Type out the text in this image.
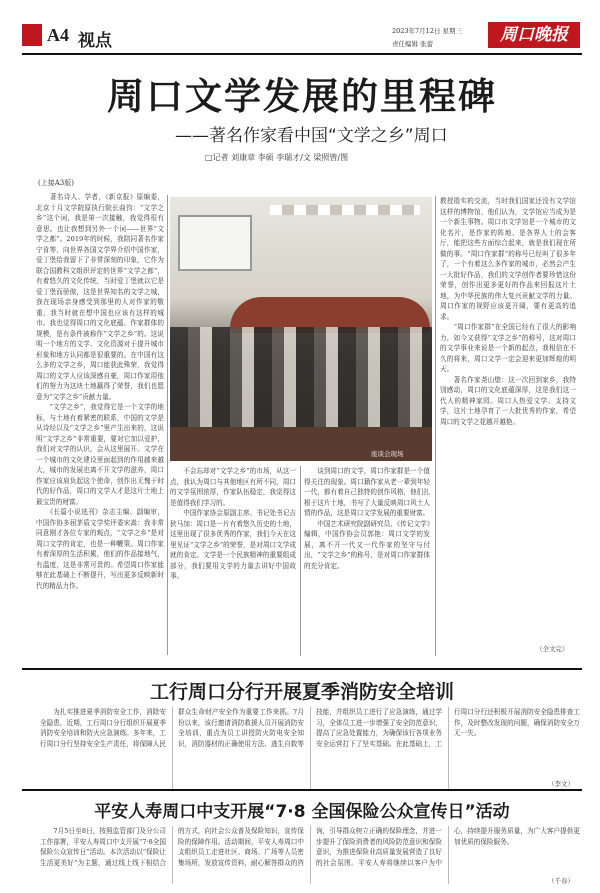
A4 视点	2023年7月12日 星期三
责任编辑 张蕾	周口晚报
周口文学发展的里程碑
——著名作家看中国“文学之乡”周口
□记者 刘康章 李硕 李瑞才/文 梁照曾/图
(上接A3版)
　　著名诗人、学者，《新京报》原编委，北京十月文学院原执行院长曲钧：“文学之乡”这个词，我是第一次接触，我觉得很有意思。也让我想到另外一个词——世界“文学之都”。2019年的时候，我陪同著名作家宁肯等，向世界各国文学界介绍中国作家，爱丁堡给我留下了非常深刻的印象，它作为联合国教科文组织评定的世界“文学之都”，有着悠久的文化传统，当时爱丁堡就以它是爱丁堡而骄傲，这是世界知名的文学之城，我在现场亲身感受到那里的人对作家的敬重，我当时就在想中国也应该有这样的城市。我也觉得周口的文化底蕴、作家群体的规模，是有条件被称作“文学之乡”的。这说明一个地方的文学、文化资源对于提升城市形象和地方认同都是很重要的。在中国有这么多的文学之乡，周口能获此殊荣，我觉得周口的文学人应该深感自豪，周口作家用他们的努力为这块土地赢得了荣誉，我们也愿意为“文学之乡”贡献力量。
　　“文学之乡”，我觉得它是一个文学的地标，与土地有着紧密的联系，中国的文学是从诗经以及“文学之乡”里产生出来的，这说明“文学之乡”非常重要，要对它加以爱护，我们对文学的认识，会从这里展开。文学在一个城市的文化建设里面起到的作用越来越大，城市的发展也离不开文学的滋养，周口作家应该肩负起这个使命，创作出无愧于时代的好作品，周口的文学人才是这片土地上最宝贵的财富。
　　《长篇小说选刊》杂志主编、副编审，中国作协多届茅盾文学奖评委宋嵩：我非常同意刚才各位专家的观点，“文学之乡”是对周口文学的肯定，也是一种鞭策。周口作家有着深厚的生活积累，他们的作品接地气，有温度，这是非常可贵的。希望周口作家能够在此基础上不断提升，写出更多反映新时代的精品力作。
座谈会现场
教授殷实的交流，当时我们国家还没有文学馆这样的博物馆，他们认为，文学馆应当成为是一个新生事物。周口市文学馆是一个城市的文化名片，是作家的阵地、是各界人士的会客厅，能把这些方面综合起来，就是我们现在所做的事。“周口作家群”的称号已经叫了很多年了，一个有着这么多作家的城市，必然会产生一大批好作品，我们的文学创作者要珍惜这份荣誉，创作出更多更好的作品来回报这片土地，为中华民族的伟大复兴贡献文学的力量。周口作家的视野应该更开阔，要有更高的追求。
　　“周口作家群”在全国已经有了很大的影响力，如今又获得“文学之乡”的称号，这对周口的文学事业来说是一个新的起点，我相信在不久的将来，周口文学一定会迎来更加辉煌的明天。
　　著名作家尧山壁：这一次回到家乡，我特别感动，周口的文化底蕴深厚，这是我们这一代人的精神家园。周口人热爱文学、支持文学，这片土地孕育了一大批优秀的作家，希望周口的文学之花越开越艳。
（全文完）
　　不会忘却对“文学之乡”的市场，从这一点，我认为周口与其他地区有所不同，周口的文学氛围浓厚，作家队伍稳定，我觉得这是值得我们学习的。
　　中国作家协会原副主席、书记处书记吉狄马加：周口是一片有着悠久历史的土地，这里出现了很多优秀的作家，我们今天在这里见证“文学之乡”的荣誉，是对周口文学成就的肯定。文学是一个民族精神的重要组成部分，我们要用文学的力量去讲好中国故事。
　　谈到周口的文学，周口作家群是一个值得关注的现象。周口籍作家从老一辈到年轻一代，都有着自己独特的创作风格，他们扎根于这片土地，书写了大量反映周口风土人情的作品，这是周口文学发展的重要财富。
　　中国艺术研究院副研究员、《传记文学》编辑，中国作协会员郭艳：周口文学的发展，离不开一代又一代作家的坚守与付出，“文学之乡”的称号，是对周口作家群体的充分肯定。
工行周口分行开展夏季消防安全培训
　　为扎实推进夏季消防安全工作，消除安全隐患，近期，工行周口分行组织开展夏季消防安全培训和防火应急演练。多年来，工行周口分行坚持安全生产责任，将保障人民群众生命财产安全作为重要工作来抓。7月份以来，该行邀请消防救援人员开展消防安全培训，重点为员工讲授防火防电安全知识，消防器材的正确使用方法、逃生自救等技能，并组织员工进行了应急演练，通过学习，全体员工进一步增强了安全防范意识，提高了应急处置能力，为确保该行各项业务安全运营打下了坚实基础。在此基础上，工行周口分行还积极开展消防安全隐患排查工作，及时整改发现的问题，确保消防安全万无一失。
（李文）
平安人寿周口中支开展“7·8 全国保险公众宣传日”活动
　　7月5日至8日，按照监管部门及分公司工作部署，平安人寿周口中支开展“7·8全国保险公众宣传日”活动。本次活动以“保险让生活更美好”为主题，通过线上线下相结合的方式，向社会公众普及保险知识，宣传保险的保障作用。活动期间，平安人寿周口中支组织员工走进社区、商场、广场等人员密集场所，发放宣传资料，耐心解答群众的咨询，引导群众树立正确的保险理念，并进一步提升了保险消费者的风险防范意识和保险意识，为推进保险业高质量发展营造了良好的社会氛围。平安人寿将继续以客户为中心，持续提升服务质量，为广大客户提供更加优质的保险服务。
（千春）
